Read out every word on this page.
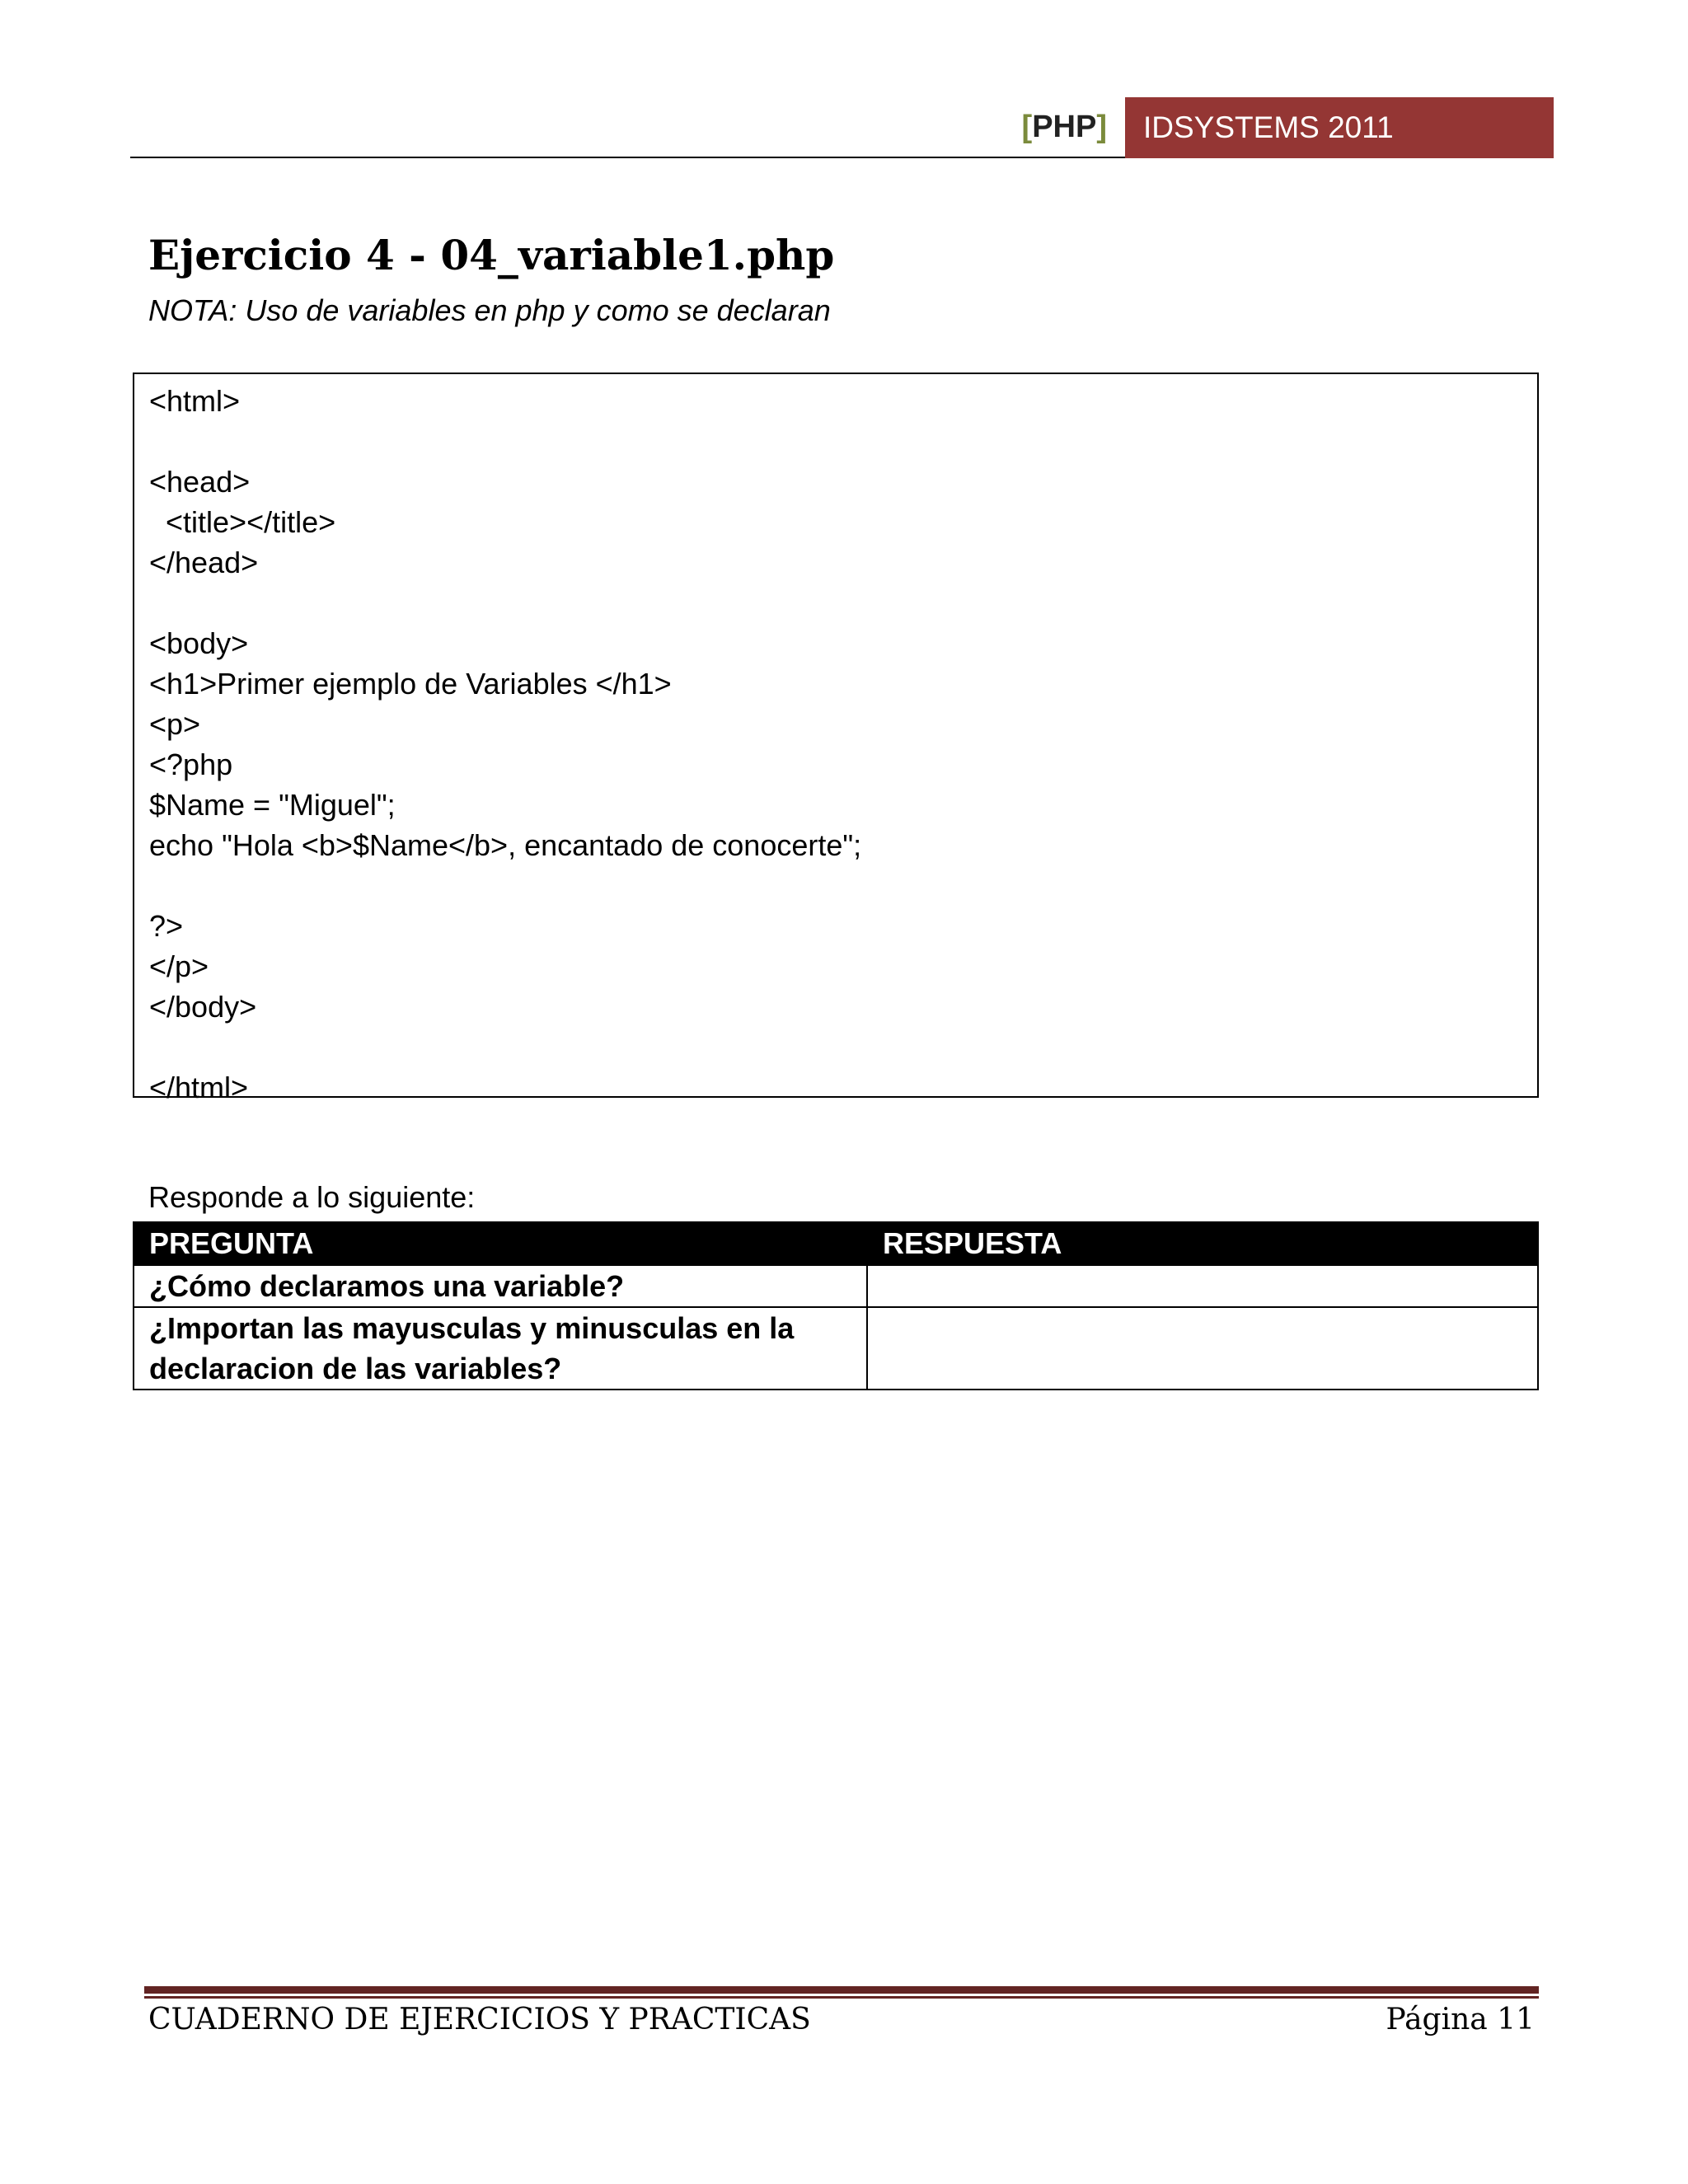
[PHP]	IDSYSTEMS 2011
Ejercicio 4 - 04_variable1.php
NOTA: Uso de variables en php y como se declaran
<html>
<head>
<title></title>
</head>
<body>
<h1>Primer ejemplo de Variables </h1>
<p>
<?php
$Name = "Miguel";
echo "Hola <b>$Name</b>, encantado de conocerte";
?>
</p>
</body>
</html>
Responde a lo siguiente:
PREGUNTA	RESPUESTA
¿Cómo declaramos una variable?	
¿Importan las mayusculas y minusculas en la declaracion de las variables?	
CUADERNO DE EJERCICIOS Y PRACTICAS	Página 11
